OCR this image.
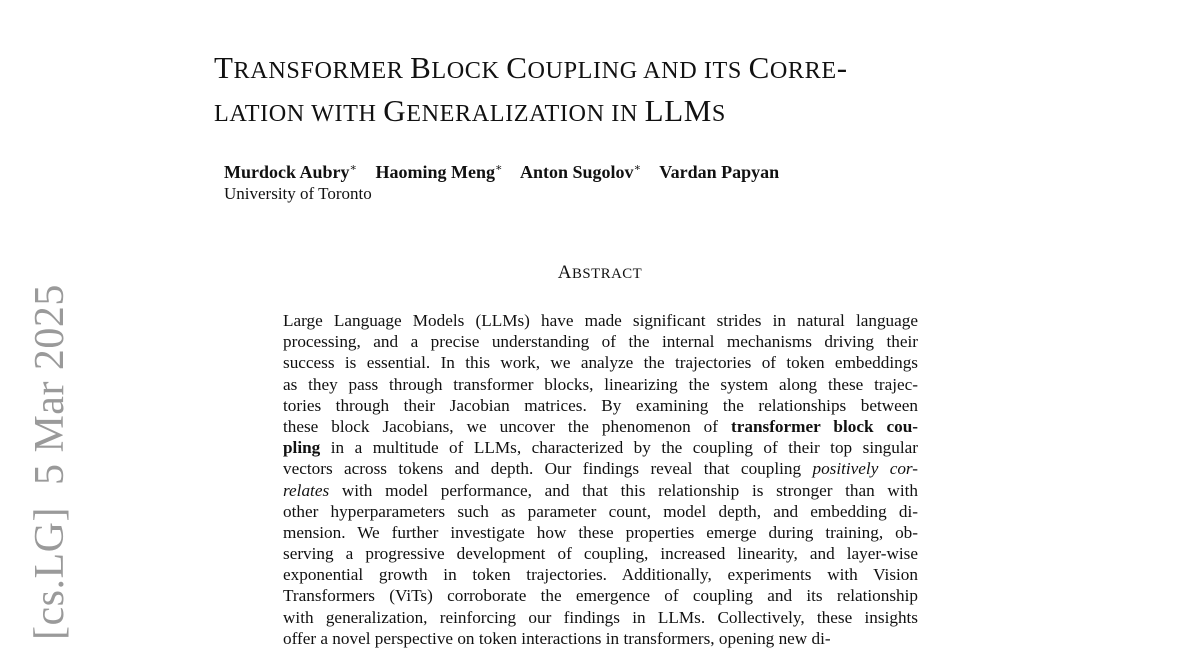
[cs.LG]5 Mar 2025
TRANSFORMER BLOCK COUPLING AND ITS CORRE-
LATION WITH GENERALIZATION IN LLMS
Murdock Aubry∗ Haoming Meng∗ Anton Sugolov∗ Vardan Papyan
University of Toronto
ABSTRACT
Large Language Models (LLMs) have made significant strides in natural language
processing, and a precise understanding of the internal mechanisms driving their
success is essential. In this work, we analyze the trajectories of token embeddings
as they pass through transformer blocks, linearizing the system along these trajec-
tories through their Jacobian matrices. By examining the relationships between
these block Jacobians, we uncover the phenomenon of transformer block cou-
pling in a multitude of LLMs, characterized by the coupling of their top singular
vectors across tokens and depth. Our findings reveal that coupling positively cor-
relates with model performance, and that this relationship is stronger than with
other hyperparameters such as parameter count, model depth, and embedding di-
mension. We further investigate how these properties emerge during training, ob-
serving a progressive development of coupling, increased linearity, and layer-wise
exponential growth in token trajectories. Additionally, experiments with Vision
Transformers (ViTs) corroborate the emergence of coupling and its relationship
with generalization, reinforcing our findings in LLMs. Collectively, these insights
offer a novel perspective on token interactions in transformers, opening new di-
